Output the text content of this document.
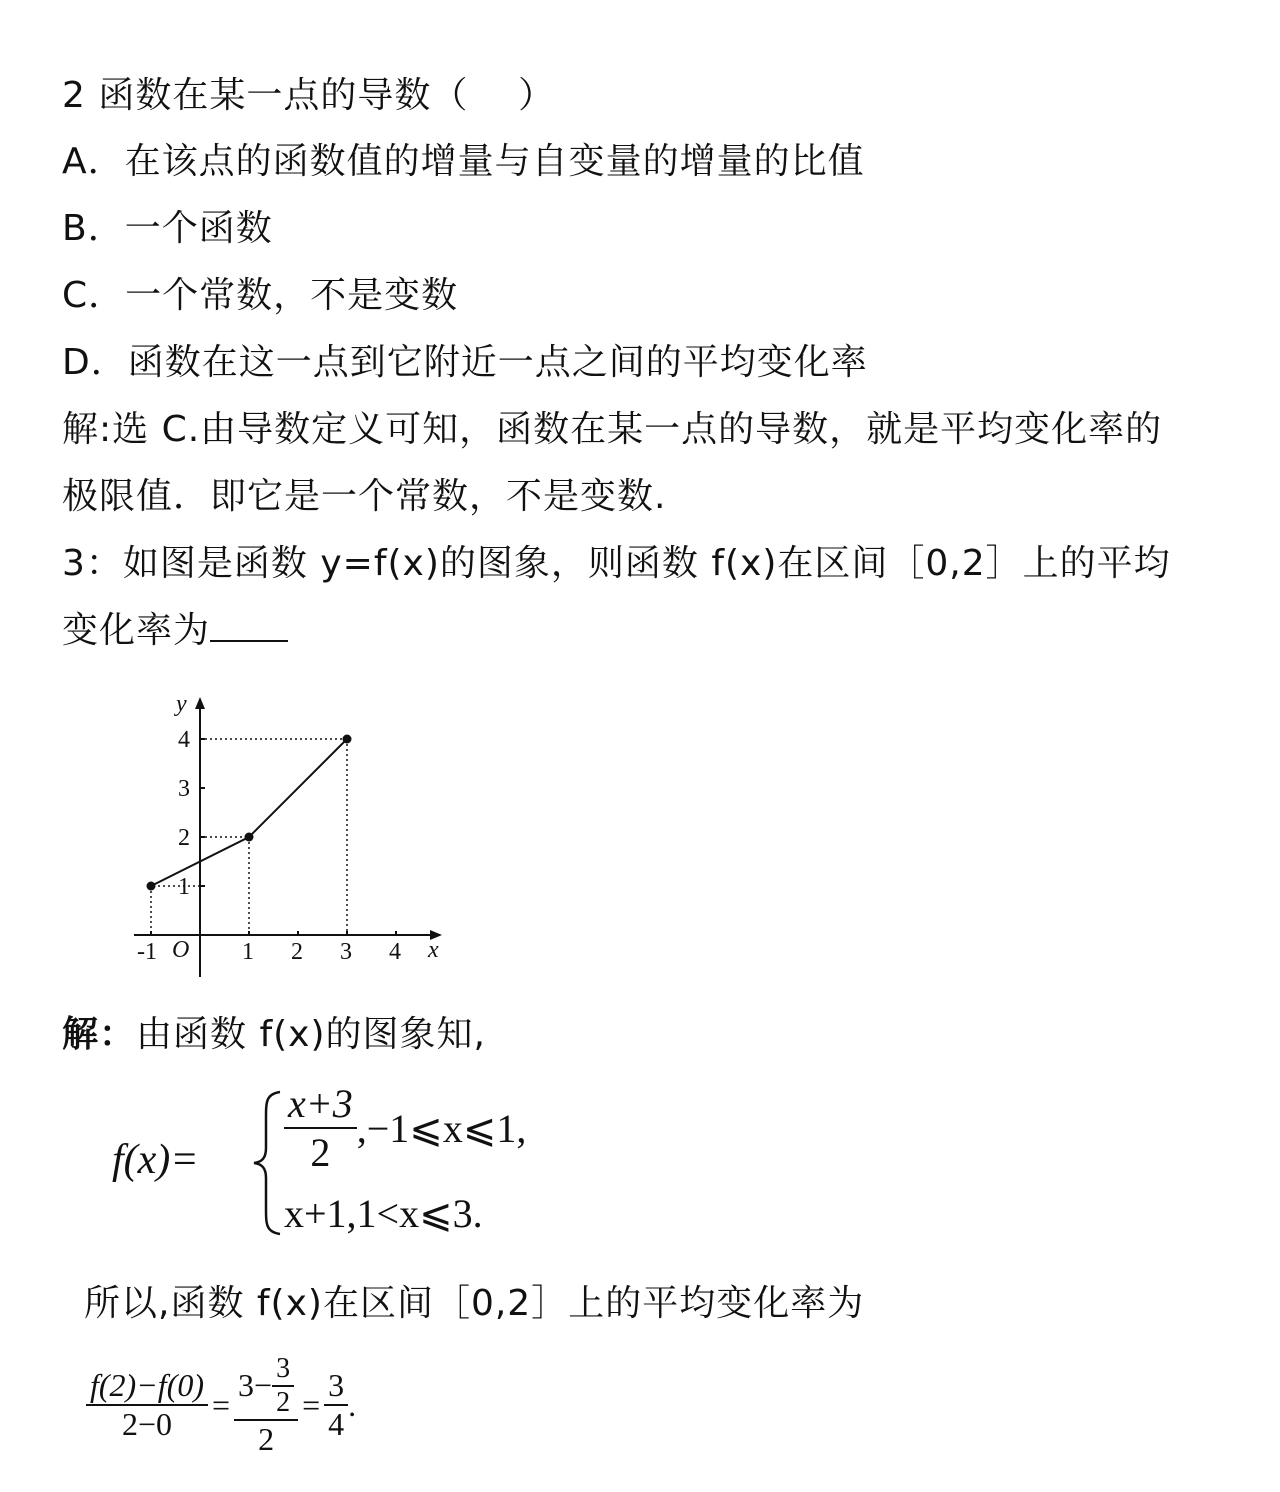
2 函数在某一点的导数（    ）
A．在该点的函数值的增量与自变量的增量的比值
B．一个函数
C．一个常数，不是变数
D．函数在这一点到它附近一点之间的平均变化率
解:选 C.由导数定义可知，函数在某一点的导数，就是平均变化率的
极限值．即它是一个常数，不是变数.
3：如图是函数 y=f(x)的图象，则函数 f(x)在区间［0,2］上的平均
变化率为
x
y
O
-1	1 2 3 4
1
2
3
4
解：由函数 f(x)的图象知,
$f(x)= \frac{x+3}{2}$ ,−1⩽x⩽1,
x+1,1<x⩽3.
所以,函数 f(x)在区间［0,2］上的平均变化率为
$\frac{f(2)-f(0)}{2-0} = \frac{3- \frac{3}{2}}{2} = \frac{3}{4}$ .
